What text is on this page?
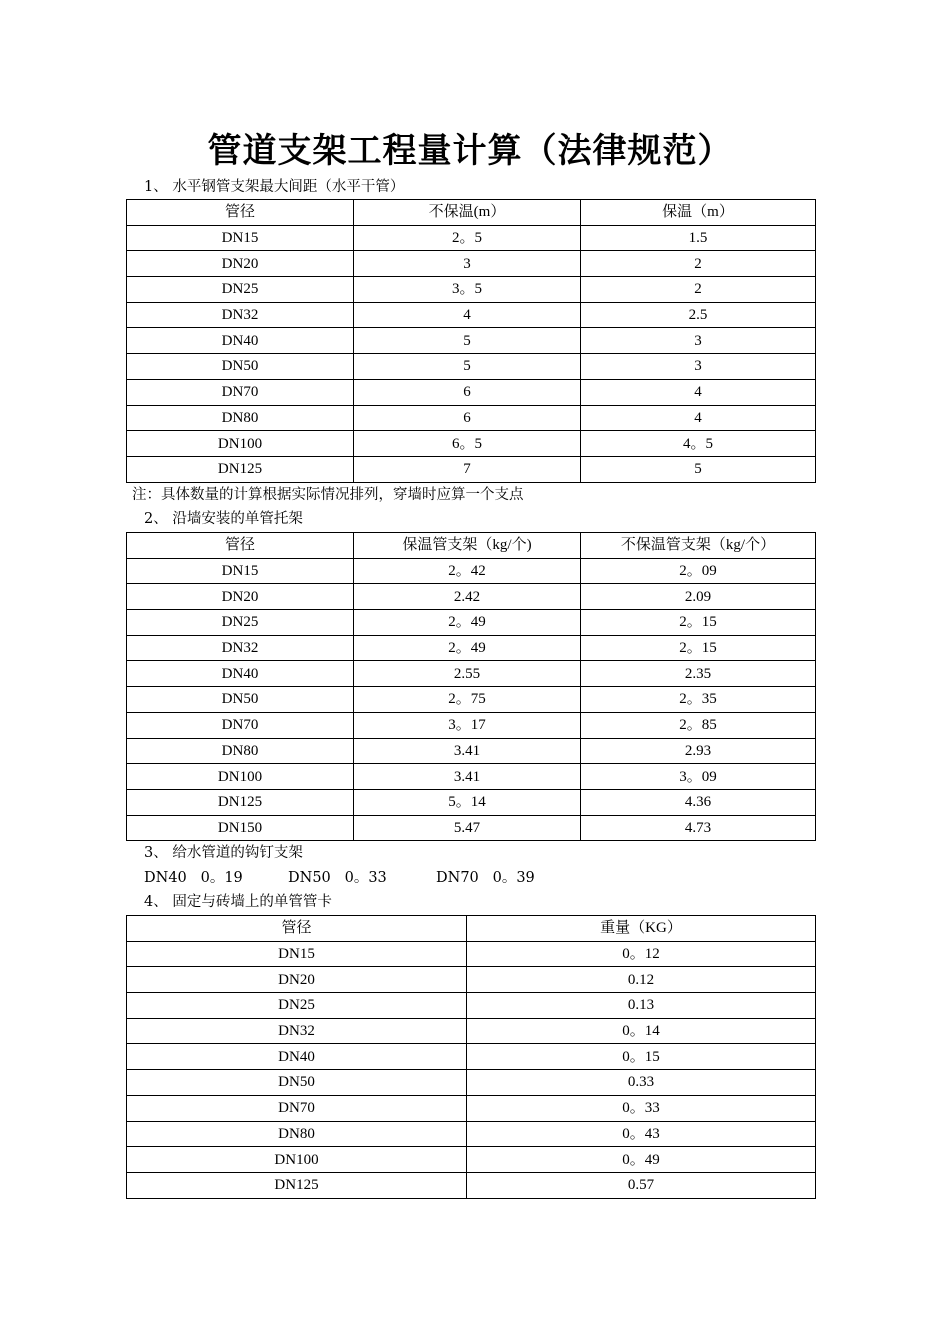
管道支架工程量计算（法律规范）
1、 水平钢管支架最大间距（水平干管）
管径	不保温(m）	保温（m）
DN15	2。5	1.5
DN20	3	2
DN25	3。5	2
DN32	4	2.5
DN40	5	3
DN50	5	3
DN70	6	4
DN80	6	4
DN100	6。5	4。5
DN125	7	5
注：具体数量的计算根据实际情况排列，穿墙时应算一个支点
2、 沿墙安装的单管托架
管径	保温管支架（kg/个)	不保温管支架（kg/个）
DN15	2。42	2。09
DN20	2.42	2.09
DN25	2。49	2。15
DN32	2。49	2。15
DN40	2.55	2.35
DN50	2。75	2。35
DN70	3。17	2。85
DN80	3.41	2.93
DN100	3.41	3。09
DN125	5。14	4.36
DN150	5.47	4.73
3、 给水管道的钩钉支架
DN40 0。19	DN50 0。33	DN70 0。39
4、 固定与砖墙上的单管管卡
管径	重量（KG）
DN15	0。12
DN20	0.12
DN25	0.13
DN32	0。14
DN40	0。15
DN50	0.33
DN70	0。33
DN80	0。43
DN100	0。49
DN125	0.57
